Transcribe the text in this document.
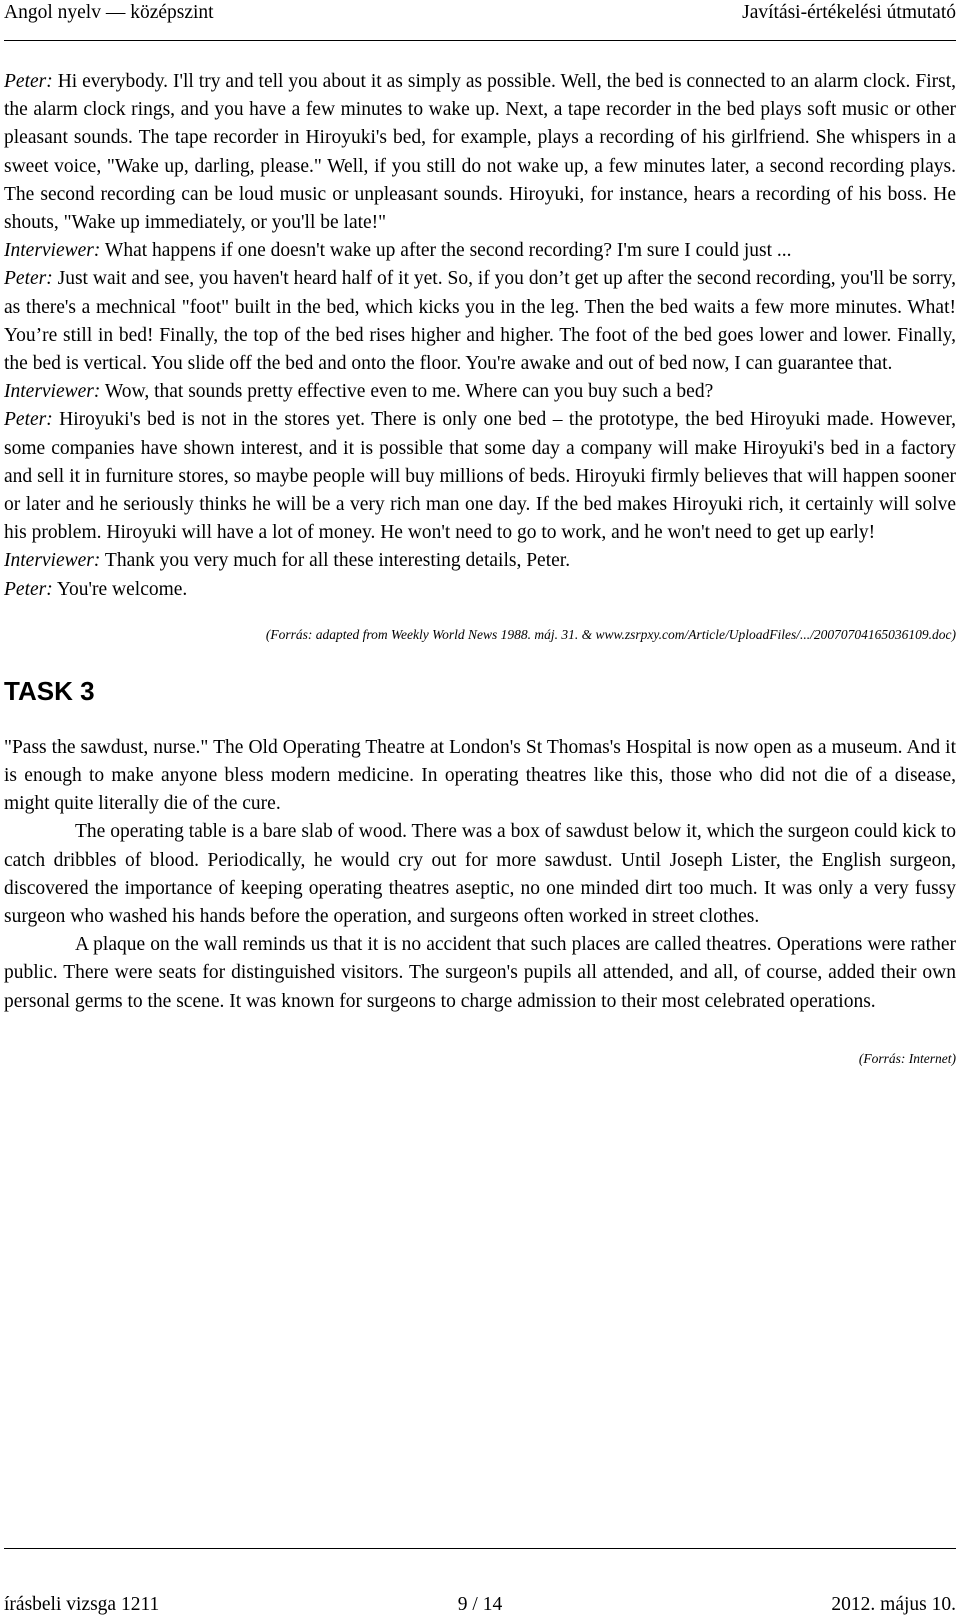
Angol nyelv — középszint	Javítási-értékelési útmutató

Peter: Hi everybody. I'll try and tell you about it as simply as possible. Well, the bed is connected to an alarm clock. First, the alarm clock rings, and you have a few minutes to wake up. Next, a tape recorder in the bed plays soft music or other pleasant sounds. The tape recorder in Hiroyuki's bed, for example, plays a recording of his girlfriend. She whispers in a sweet voice, "Wake up, darling, please." Well, if you still do not wake up, a few minutes later, a second recording plays. The second recording can be loud music or unpleasant sounds. Hiroyuki, for instance, hears a recording of his boss. He shouts, "Wake up immediately, or you'll be late!"

Interviewer: What happens if one doesn't wake up after the second recording? I'm sure I could just ...

Peter: Just wait and see, you haven't heard half of it yet. So, if you don’t get up after the second recording, you'll be sorry, as there's a mechnical "foot" built in the bed, which kicks you in the leg. Then the bed waits a few more minutes. What! You’re still in bed! Finally, the top of the bed rises higher and higher. The foot of the bed goes lower and lower. Finally, the bed is vertical. You slide off the bed and onto the floor. You're awake and out of bed now, I can guarantee that.

Interviewer: Wow, that sounds pretty effective even to me. Where can you buy such a bed?

Peter: Hiroyuki's bed is not in the stores yet. There is only one bed – the prototype, the bed Hiroyuki made. However, some companies have shown interest, and it is possible that some day a company will make Hiroyuki's bed in a factory and sell it in furniture stores, so maybe people will buy millions of beds. Hiroyuki firmly believes that will happen sooner or later and he seriously thinks he will be a very rich man one day. If the bed makes Hiroyuki rich, it certainly will solve his problem. Hiroyuki will have a lot of money. He won't need to go to work, and he won't need to get up early!

Interviewer: Thank you very much for all these interesting details, Peter.

Peter: You're welcome.

(Forrás: adapted from Weekly World News 1988. máj. 31. & www.zsrpxy.com/Article/UploadFiles/.../20070704165036109.doc)

TASK 3

"Pass the sawdust, nurse." The Old Operating Theatre at London's St Thomas's Hospital is now open as a museum. And it is enough to make anyone bless modern medicine. In operating theatres like this, those who did not die of a disease, might quite literally die of the cure.

The operating table is a bare slab of wood. There was a box of sawdust below it, which the surgeon could kick to catch dribbles of blood. Periodically, he would cry out for more sawdust. Until Joseph Lister, the English surgeon, discovered the importance of keeping operating theatres aseptic, no one minded dirt too much. It was only a very fussy surgeon who washed his hands before the operation, and surgeons often worked in street clothes.

A plaque on the wall reminds us that it is no accident that such places are called theatres. Operations were rather public. There were seats for distinguished visitors. The surgeon's pupils all attended, and all, of course, added their own personal germs to the scene. It was known for surgeons to charge admission to their most celebrated operations.

(Forrás: Internet)

írásbeli vizsga 1211	9 / 14	2012. május 10.
